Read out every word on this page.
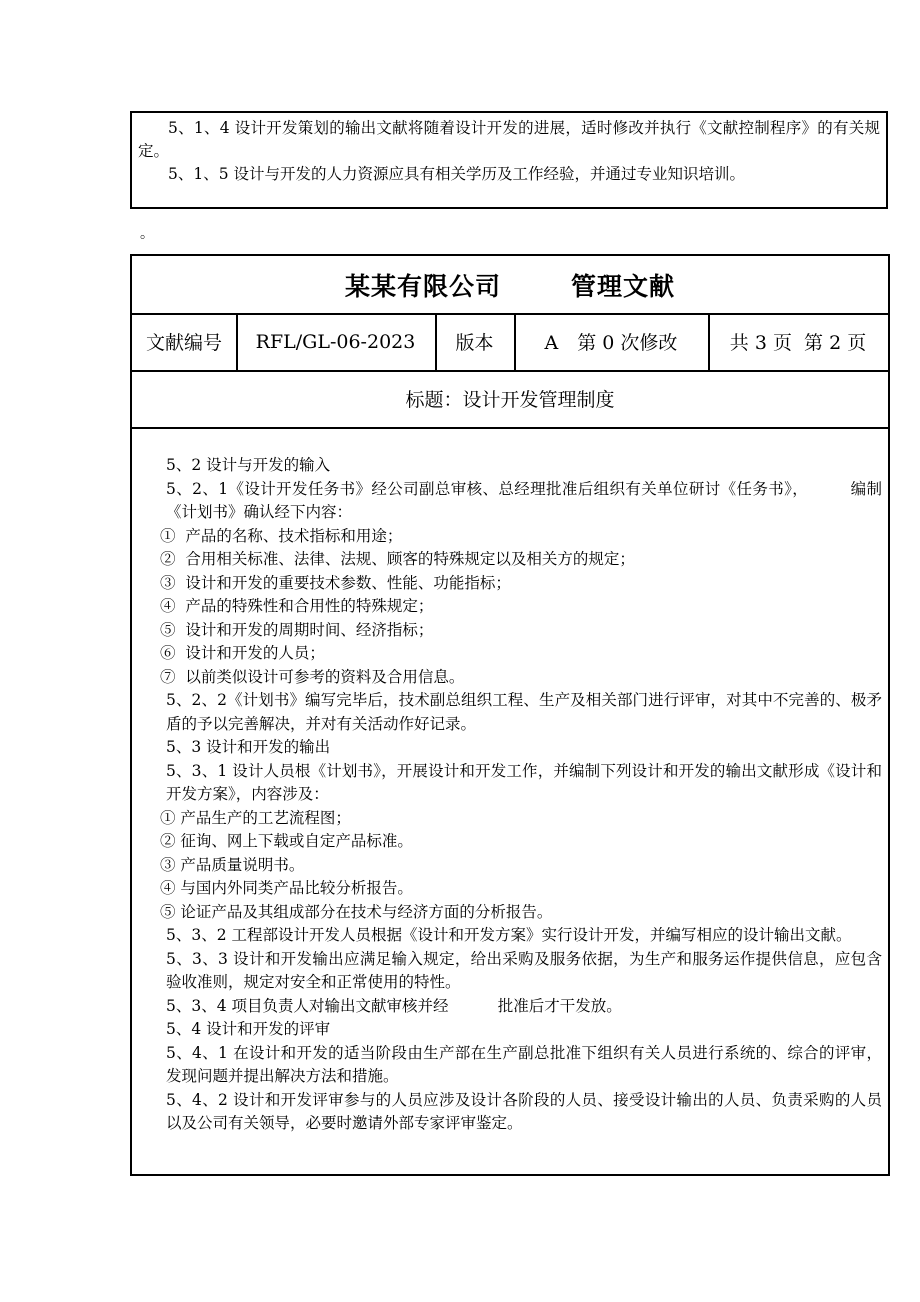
5、1、4 设计开发策划的输出文献将随着设计开发的进展，适时修改并执行《文献控制程序》的有关规定。

5、1、5 设计与开发的人力资源应具有相关学历及工作经验，并通过专业知识培训。

。
某某有限公司	管理文献
文献编号	RFL/GL-06-2023	版本	A　第 0 次修改	共 3 页  第 2 页
标题：设计开发管理制度

5、2 设计与开发的输入

5、2、1《设计开发任务书》经公司副总审核、总经理批准后组织有关单位研讨《任务书》，        编制《计划书》确认经下内容：

①  产品的名称、技术指标和用途；

②  合用相关标准、法律、法规、顾客的特殊规定以及相关方的规定；

③  设计和开发的重要技术参数、性能、功能指标；

④  产品的特殊性和合用性的特殊规定；

⑤  设计和开发的周期时间、经济指标；

⑥  设计和开发的人员；

⑦  以前类似设计可参考的资料及合用信息。

5、2、2《计划书》编写完毕后，技术副总组织工程、生产及相关部门进行评审，对其中不完善的、极矛盾的予以完善解决，并对有关活动作好记录。

5、3 设计和开发的输出

5、3、1 设计人员根《计划书》，开展设计和开发工作，并编制下列设计和开发的输出文献形成《设计和开发方案》，内容涉及：

① 产品生产的工艺流程图；

② 征询、网上下载或自定产品标准。

③ 产品质量说明书。

④ 与国内外同类产品比较分析报告。

⑤ 论证产品及其组成部分在技术与经济方面的分析报告。

5、3、2 工程部设计开发人员根据《设计和开发方案》实行设计开发，并编写相应的设计输出文献。

5、3、3 设计和开发输出应满足输入规定，给出采购及服务依据，为生产和服务运作提供信息，应包含验收准则，规定对安全和正常使用的特性。

5、3、4 项目负责人对输出文献审核并经          批准后才干发放。

5、4 设计和开发的评审

5、4、1 在设计和开发的适当阶段由生产部在生产副总批准下组织有关人员进行系统的、综合的评审，发现问题并提出解决方法和措施。

5、4、2 设计和开发评审参与的人员应涉及设计各阶段的人员、接受设计输出的人员、负责采购的人员以及公司有关领导，必要时邀请外部专家评审鉴定。
